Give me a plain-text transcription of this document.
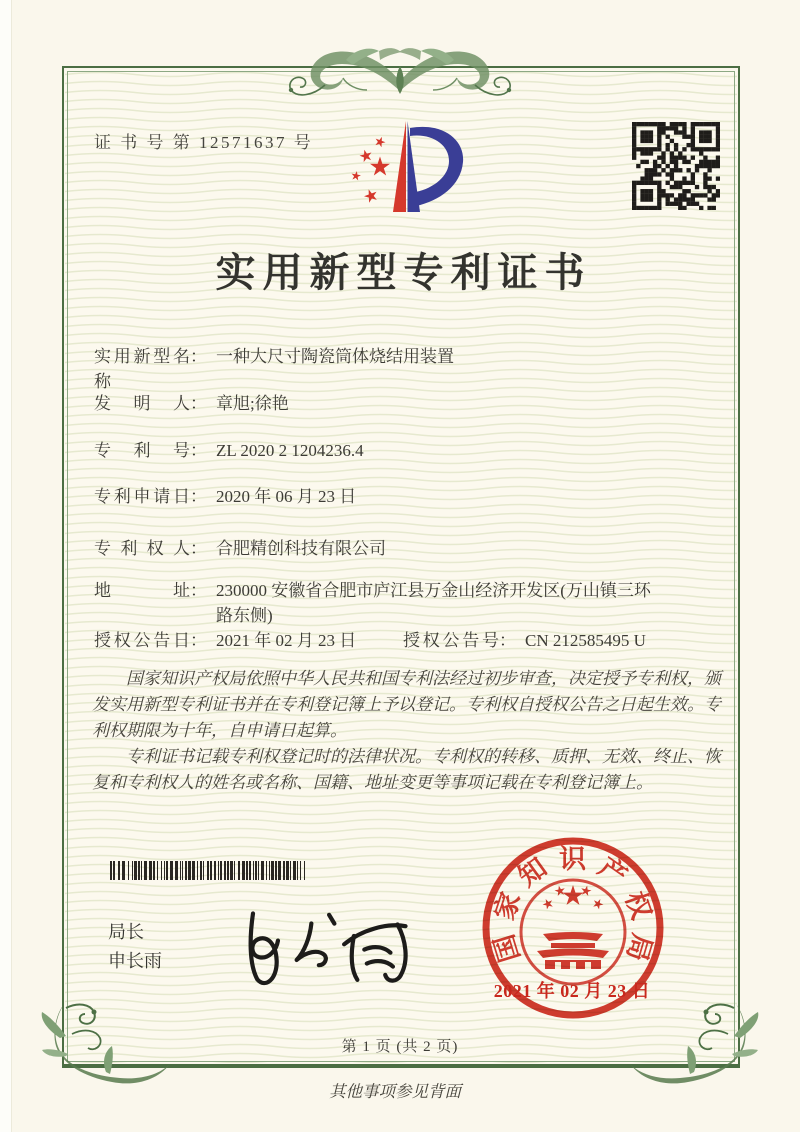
证 书 号 第 12571637 号
实用新型专利证书
实用新型名称： 一种大尺寸陶瓷筒体烧结用装置
发明人： 章旭;徐艳
专利号： ZL 2020 2 1204236.4
专利申请日： 2020 年 06 月 23 日
专利权人： 合肥精创科技有限公司
地址： 230000 安徽省合肥市庐江县万金山经济开发区(万山镇三环路东侧)
授权公告日： 2021 年 02 月 23 日	授权公告号： CN 212585495 U

国家知识产权局依照中华人民共和国专利法经过初步审查，决定授予专利权，颁发实用新型专利证书并在专利登记簿上予以登记。专利权自授权公告之日起生效。专利权期限为十年，自申请日起算。

专利证书记载专利权登记时的法律状况。专利权的转移、质押、无效、终止、恢复和专利权人的姓名或名称、国籍、地址变更等事项记载在专利登记簿上。

局长
申长雨	国家知识产权局
2021 年 02 月 23 日
第 1 页 (共 2 页)
其他事项参见背面
